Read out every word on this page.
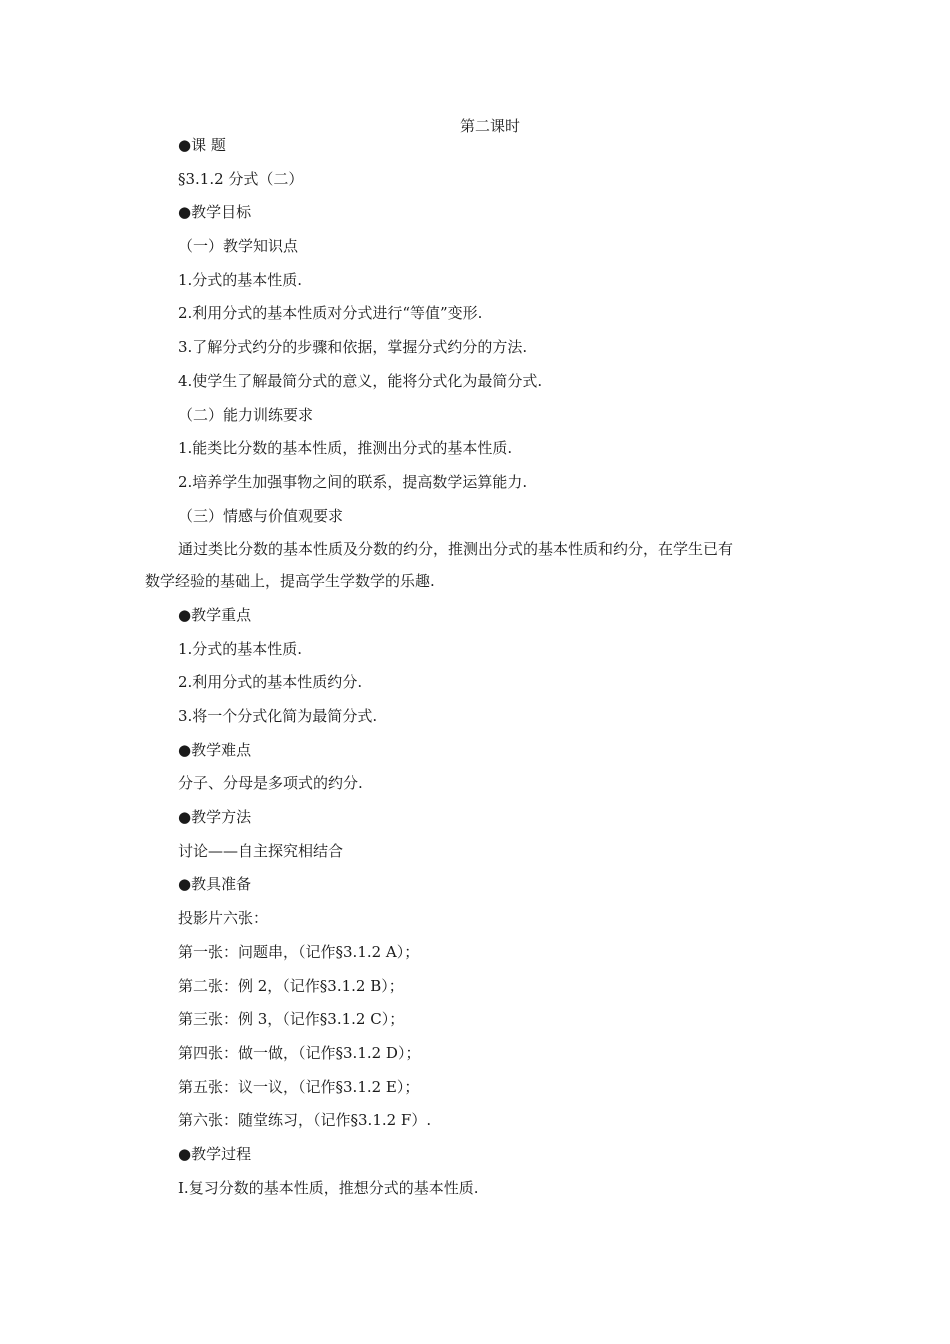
第二课时
●课 题
§3.1.2 分式（二）
●教学目标
（一）教学知识点
1.分式的基本性质.
2.利用分式的基本性质对分式进行“等值”变形.
3.了解分式约分的步骤和依据，掌握分式约分的方法.
4.使学生了解最简分式的意义，能将分式化为最简分式.
（二）能力训练要求
1.能类比分数的基本性质，推测出分式的基本性质.
2.培养学生加强事物之间的联系，提高数学运算能力.
（三）情感与价值观要求
通过类比分数的基本性质及分数的约分，推测出分式的基本性质和约分，在学生已有
数学经验的基础上，提高学生学数学的乐趣.
●教学重点
1.分式的基本性质.
2.利用分式的基本性质约分.
3.将一个分式化简为最简分式.
●教学难点
分子、分母是多项式的约分.
●教学方法
讨论——自主探究相结合
●教具准备
投影片六张：
第一张：问题串，（记作§3.1.2 A）；
第二张：例 2，（记作§3.1.2 B）；
第三张：例 3，（记作§3.1.2 C）；
第四张：做一做，（记作§3.1.2 D）；
第五张：议一议，（记作§3.1.2 E）；
第六张：随堂练习，（记作§3.1.2 F）.
●教学过程
Ⅰ.复习分数的基本性质，推想分式的基本性质.
